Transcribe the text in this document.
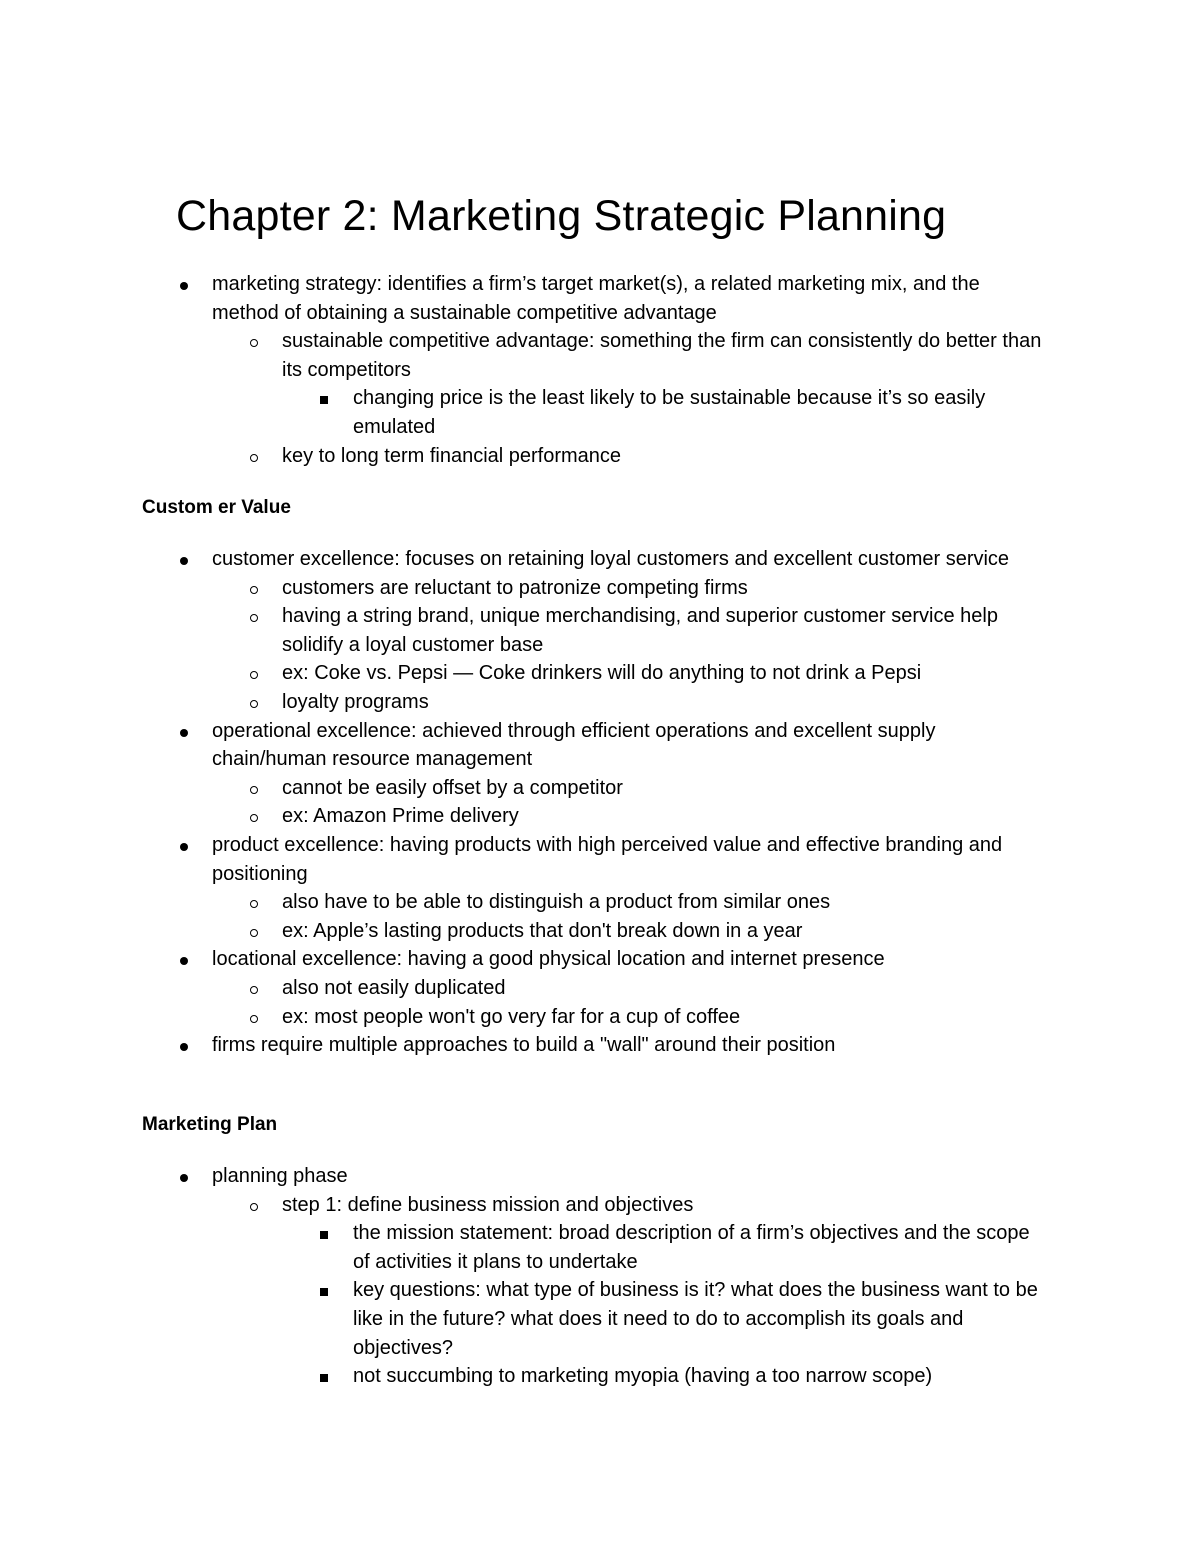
Chapter 2: Marketing Strategic Planning
marketing strategy: identifies a firm’s target market(s), a related marketing mix, and the method of obtaining a sustainable competitive advantage
sustainable competitive advantage: something the firm can consistently do better than its competitors
changing price is the least likely to be sustainable because it’s so easily emulated
key to long term financial performance
Custom er Value
customer excellence: focuses on retaining loyal customers and excellent customer service
customers are reluctant to patronize competing firms
having a string brand, unique merchandising, and superior customer service help solidify a loyal customer base
ex: Coke vs. Pepsi — Coke drinkers will do anything to not drink a Pepsi
loyalty programs
operational excellence: achieved through efficient operations and excellent supply chain/human resource management
cannot be easily offset by a competitor
ex: Amazon Prime delivery
product excellence: having products with high perceived value and effective branding and positioning
also have to be able to distinguish a product from similar ones
ex: Apple’s lasting products that don't break down in a year
locational excellence: having a good physical location and internet presence
also not easily duplicated
ex: most people won't go very far for a cup of coffee
firms require multiple approaches to build a "wall" around their position
Marketing Plan
planning phase
step 1: define business mission and objectives
the mission statement: broad description of a firm’s objectives and the scope of activities it plans to undertake
key questions: what type of business is it? what does the business want to be like in the future? what does it need to do to accomplish its goals and objectives?
not succumbing to marketing myopia (having a too narrow scope)
